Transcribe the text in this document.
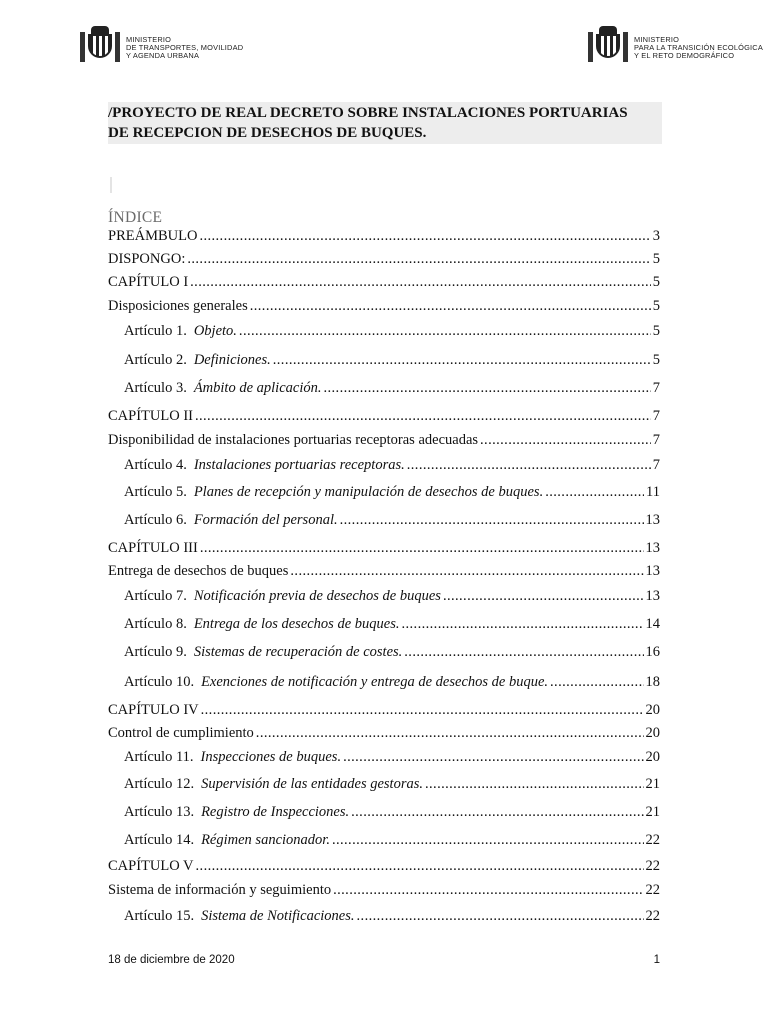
MINISTERIO
DE TRANSPORTES, MOVILIDAD
Y AGENDA URBANA
MINISTERIO
PARA LA TRANSICIÓN ECOLÓGICA
Y EL RETO DEMOGRÁFICO
/PROYECTO DE REAL DECRETO SOBRE INSTALACIONES PORTUARIAS
DE RECEPCION DE DESECHOS DE BUQUES.
ÍNDICE
PREÁMBULO .....	3
DISPONGO: .....	5
CAPÍTULO I .....	5
Disposiciones generales .....	5
Artículo 1. Objeto. .....	5
Artículo 2. Definiciones. .....	5
Artículo 3. Ámbito de aplicación. .....	7
CAPÍTULO II .....	7
Disponibilidad de instalaciones portuarias receptoras adecuadas .....	7
Artículo 4. Instalaciones portuarias receptoras. .....	7
Artículo 5. Planes de recepción y manipulación de desechos de buques. .....	11
Artículo 6. Formación del personal. .....	13
CAPÍTULO III .....	13
Entrega de desechos de buques .....	13
Artículo 7. Notificación previa de desechos de buques .....	13
Artículo 8. Entrega de los desechos de buques. .....	14
Artículo 9. Sistemas de recuperación de costes. .....	16
Artículo 10. Exenciones de notificación y entrega de desechos de buque. .....	18
CAPÍTULO IV .....	20
Control de cumplimiento .....	20
Artículo 11. Inspecciones de buques. .....	20
Artículo 12. Supervisión de las entidades gestoras. .....	21
Artículo 13. Registro de Inspecciones. .....	21
Artículo 14. Régimen sancionador. .....	22
CAPÍTULO V .....	22
Sistema de información y seguimiento .....	22
Artículo 15. Sistema de Notificaciones. .....	22
18 de diciembre de 2020	1
